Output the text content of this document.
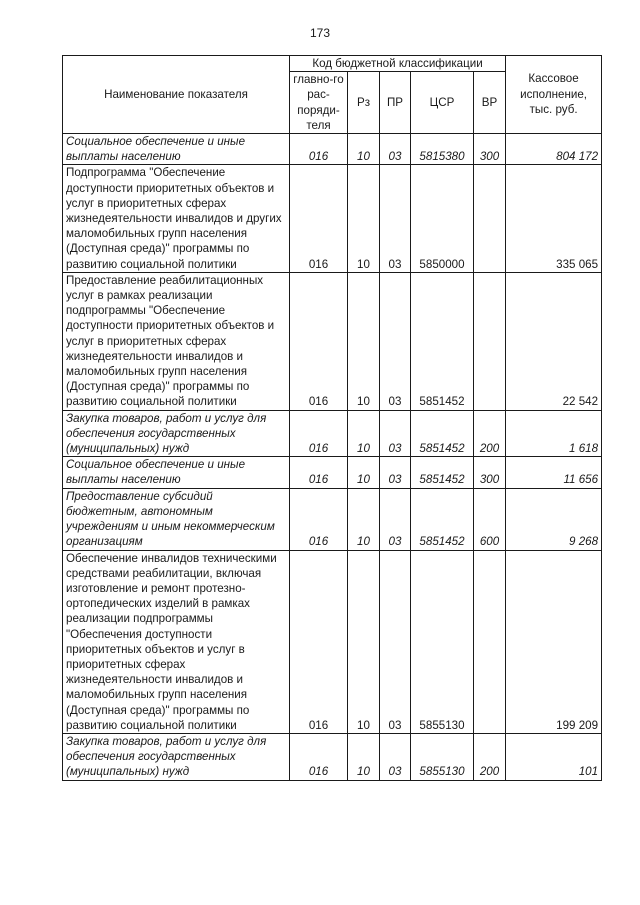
173
Наименование показателя	Код бюджетной классификации					Кассовое исполнение, тыс. руб.
	главно-го рас-поряди-теля	Рз	ПР	ЦСР	ВР	
Социальное обеспечение и иные выплаты населению	016	10	03	5815380	300	804 172
Подпрограмма "Обеспечение доступности приоритетных объектов и услуг в приоритетных сферах жизнедеятельности инвалидов и других маломобильных групп населения (Доступная среда)" программы по развитию социальной политики	016	10	03	5850000		335 065
Предоставление реабилитационных услуг в рамках реализации подпрограммы "Обеспечение доступности приоритетных объектов и услуг в приоритетных сферах жизнедеятельности инвалидов и маломобильных групп населения (Доступная среда)" программы по развитию социальной политики	016	10	03	5851452		22 542
Закупка товаров, работ и услуг для обеспечения государственных (муниципальных) нужд	016	10	03	5851452	200	1 618
Социальное обеспечение и иные выплаты населению	016	10	03	5851452	300	11 656
Предоставление субсидий бюджетным, автономным учреждениям и иным некоммерческим организациям	016	10	03	5851452	600	9 268
Обеспечение инвалидов техническими средствами реабилитации, включая изготовление и ремонт протезно-ортопедических изделий в рамках реализации подпрограммы "Обеспечения доступности приоритетных объектов и услуг в приоритетных сферах жизнедеятельности инвалидов и маломобильных групп населения (Доступная среда)" программы по развитию социальной политики	016	10	03	5855130		199 209
Закупка товаров, работ и услуг для обеспечения государственных (муниципальных) нужд	016	10	03	5855130	200	101
